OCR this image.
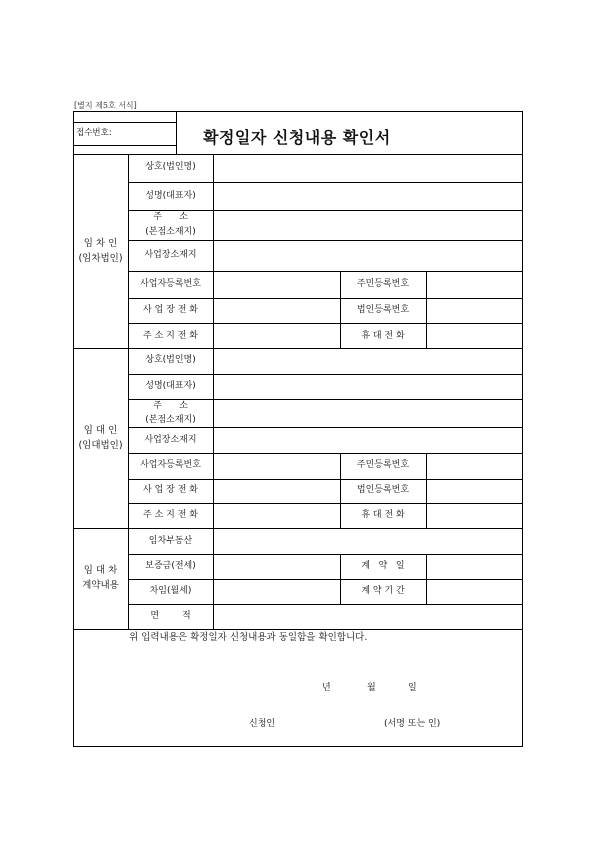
[별지 제5호 서식]
접수번호:	확정일자 신청내용 확인서
임 차 인
(임차법인)
상호(법인명)
성명(대표자)
주      소
(본점소재지)
사업장소재지
사업자등록번호	주민등록번호
사 업 장 전 화	법인등록번호
주 소 지 전 화	휴 대 전 화
임 대 인
(임대법인)
상호(법인명)
성명(대표자)
주      소
(본점소재지)
사업장소재지
사업자등록번호	주민등록번호
사 업 장 전 화	법인등록번호
주 소 지 전 화	휴 대 전 화
임 대 차
계약내용
임차부동산
보증금(전세)	계   약   일
차임(월세)	계 약 기 간
면        적
위 입력내용은 확정일자 신청내용과 동일함을 확인합니다.
년	월	일
신청인	(서명 또는 인)
